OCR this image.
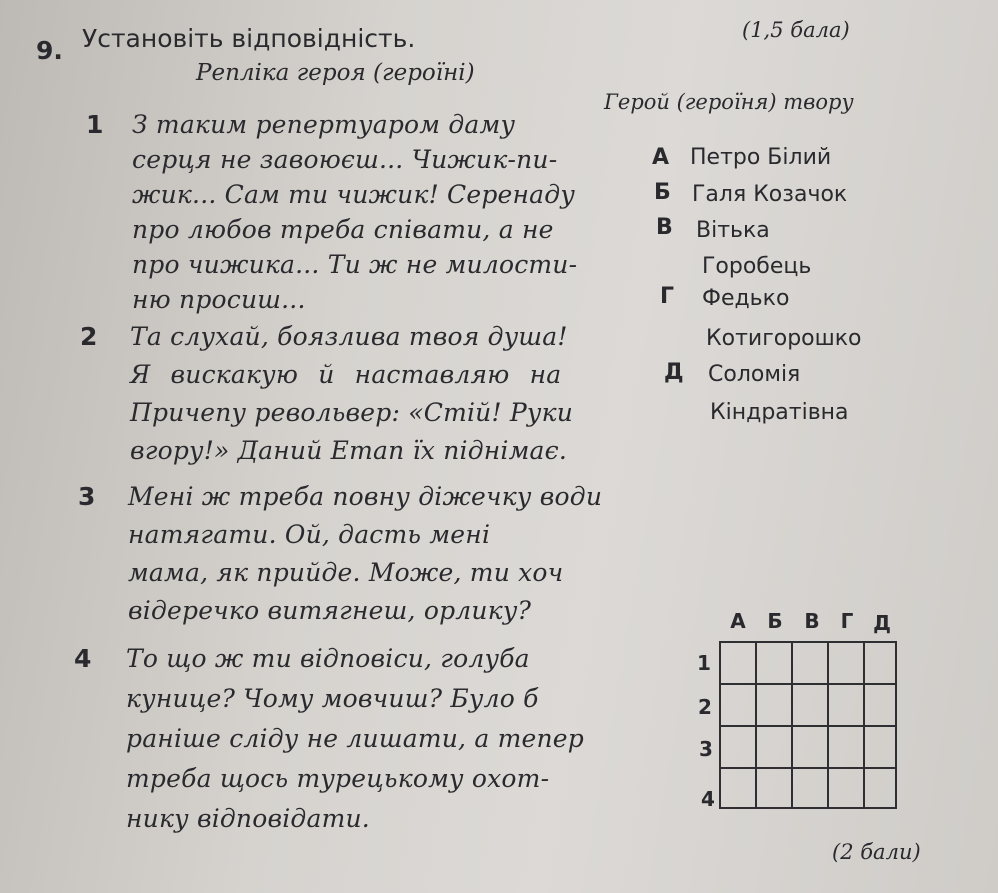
9. Установіть відповідність.	(1,5 бала)
Репліка героя (героїні)
Герой (героїня) твору
1 З таким репертуаром даму
серця не завоюєш... Чижик-пи-
жик... Сам ти чижик! Серенаду
про любов треба співати, а не
про чижика... Ти ж не милости-
ню просиш...
2 Та слухай, боязлива твоя душа!
Я вискакую й наставляю на
Причепу револьвер: «Стій! Руки
вгору!» Даний Етап їх піднімає.
3 Мені ж треба повну діжечку води
натягати. Ой, дасть мені
мама, як прийде. Може, ти хоч
відеречко витягнеш, орлику?
4 То що ж ти відповіси, голуба
кунице? Чому мовчиш? Було б
раніше сліду не лишати, а тепер
треба щось турецькому охот-
нику відповідати.
А Петро Білий
Б Галя Козачок
В Вітька
Горобець
Г Федько
Котигорошко
Д Соломія
Кіндратівна
А Б В Г Д
1
2
3
4
(2 бали)
